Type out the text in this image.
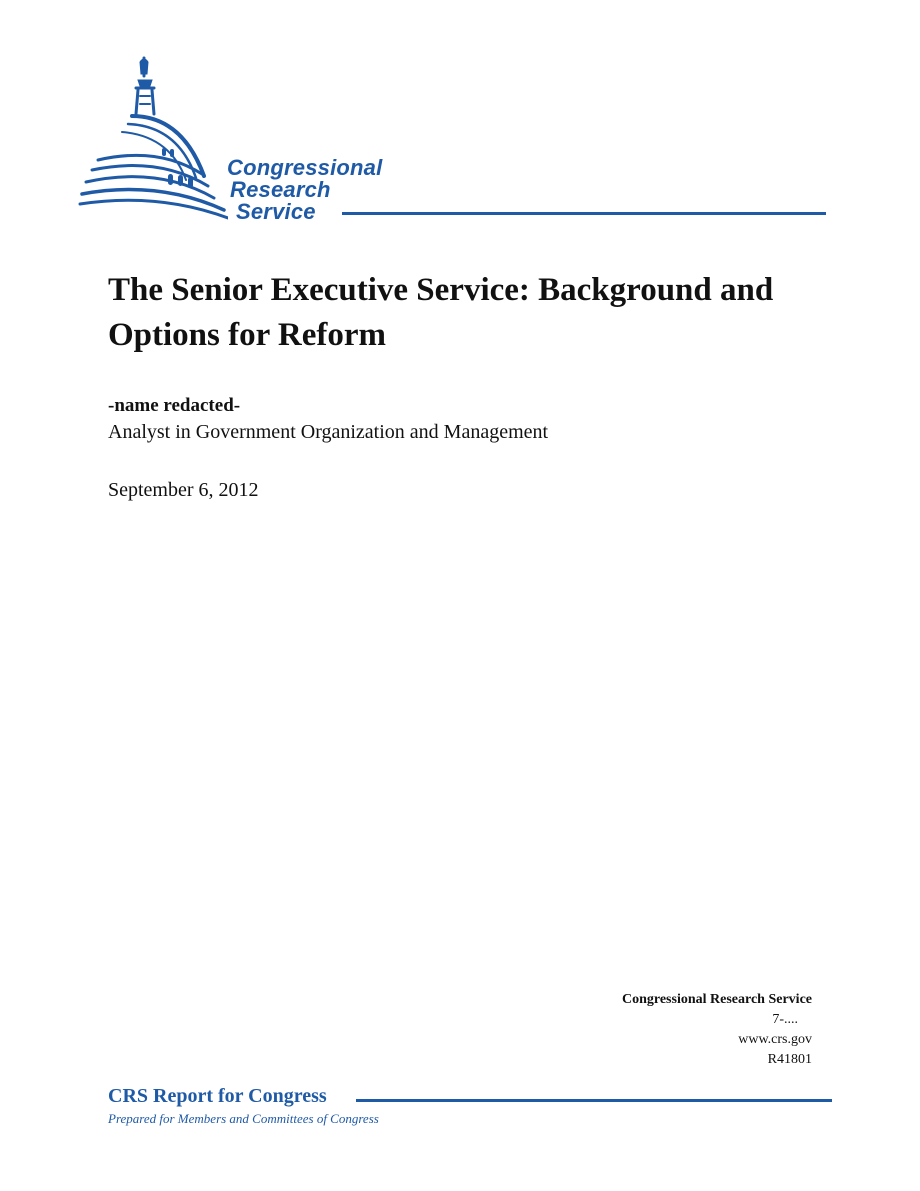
Congressional
Research
Service
The Senior Executive Service: Background and Options for Reform
-name redacted-
Analyst in Government Organization and Management
September 6, 2012
Congressional Research Service
7-....
www.crs.gov
R41801
CRS Report for Congress
Prepared for Members and Committees of Congress
